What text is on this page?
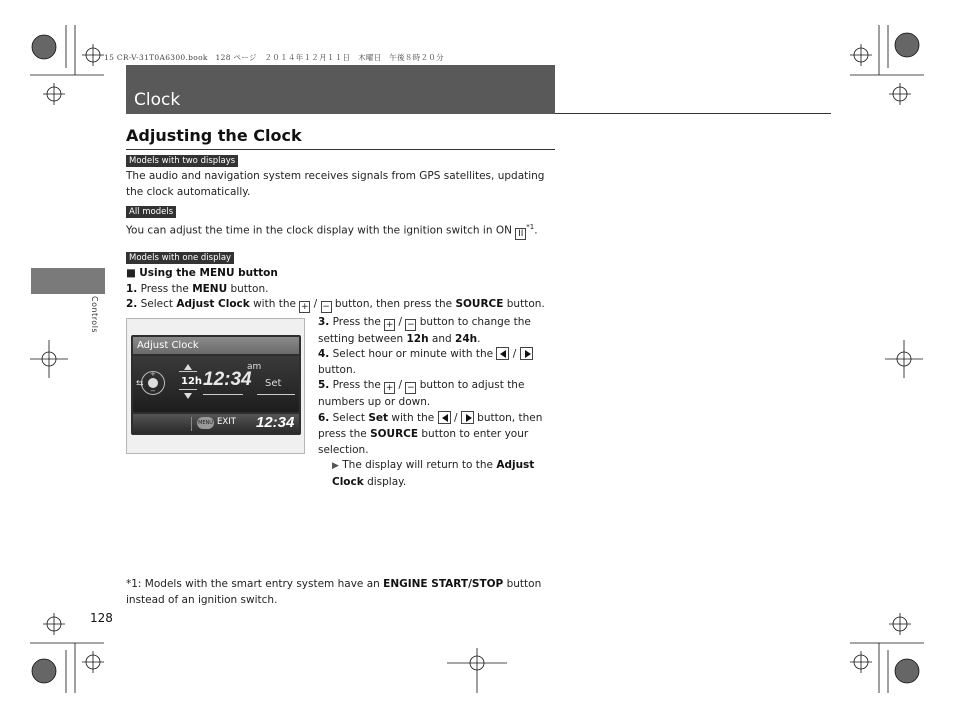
15 CR-V-31T0A6300.book　128 ページ　２０１４年１２月１１日　木曜日　午後８時２０分
Clock
Adjusting the Clock
Controls
Models with two displays
The audio and navigation system receives signals from GPS satellites, updating the clock automatically.
All models
You can adjust the time in the clock display with the ignition switch in ON II$^{*1}$.
Models with one display
■ Using the MENU button
1. Press the MENU button.
2. Select Adjust Clock with the + / − button, then press the SOURCE button.
Adjust Clock
+
−
⇆	12h 12:34
am
Set
MENU EXIT 12:34
3. Press the + / − button to change the setting between 12h and 24h.
4. Select hour or minute with the  /  button.
5. Press the + / − button to adjust the numbers up or down.
6. Select Set with the  /  button, then press the SOURCE button to enter your selection.
▶ The display will return to the Adjust Clock display.
*1: Models with the smart entry system have an ENGINE START/STOP button instead of an ignition switch.
128
